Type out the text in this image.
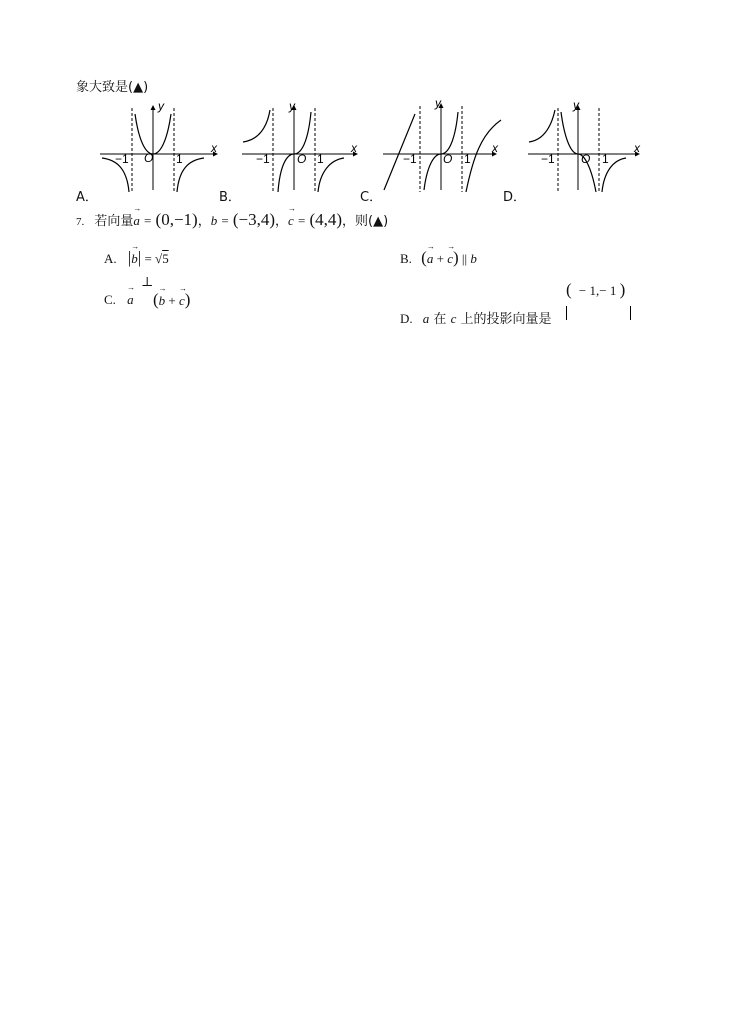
象大致是(▲)
y
x
O
−1	1
A．
y
x
O
−1	1
B．
y
x
O
−1	1
C．
y
x
O
−1	1
D．
7. 若向量→ a = (0,−1)，b = (−3,4)，→ c = (4,4)，则(▲)
A. |→ b| = √5	B. (→ a + → c) || b
C. → a
⊥
(→ b + → c)
D. a 在 c 上的投影向量是
( − 1,− 1 )
